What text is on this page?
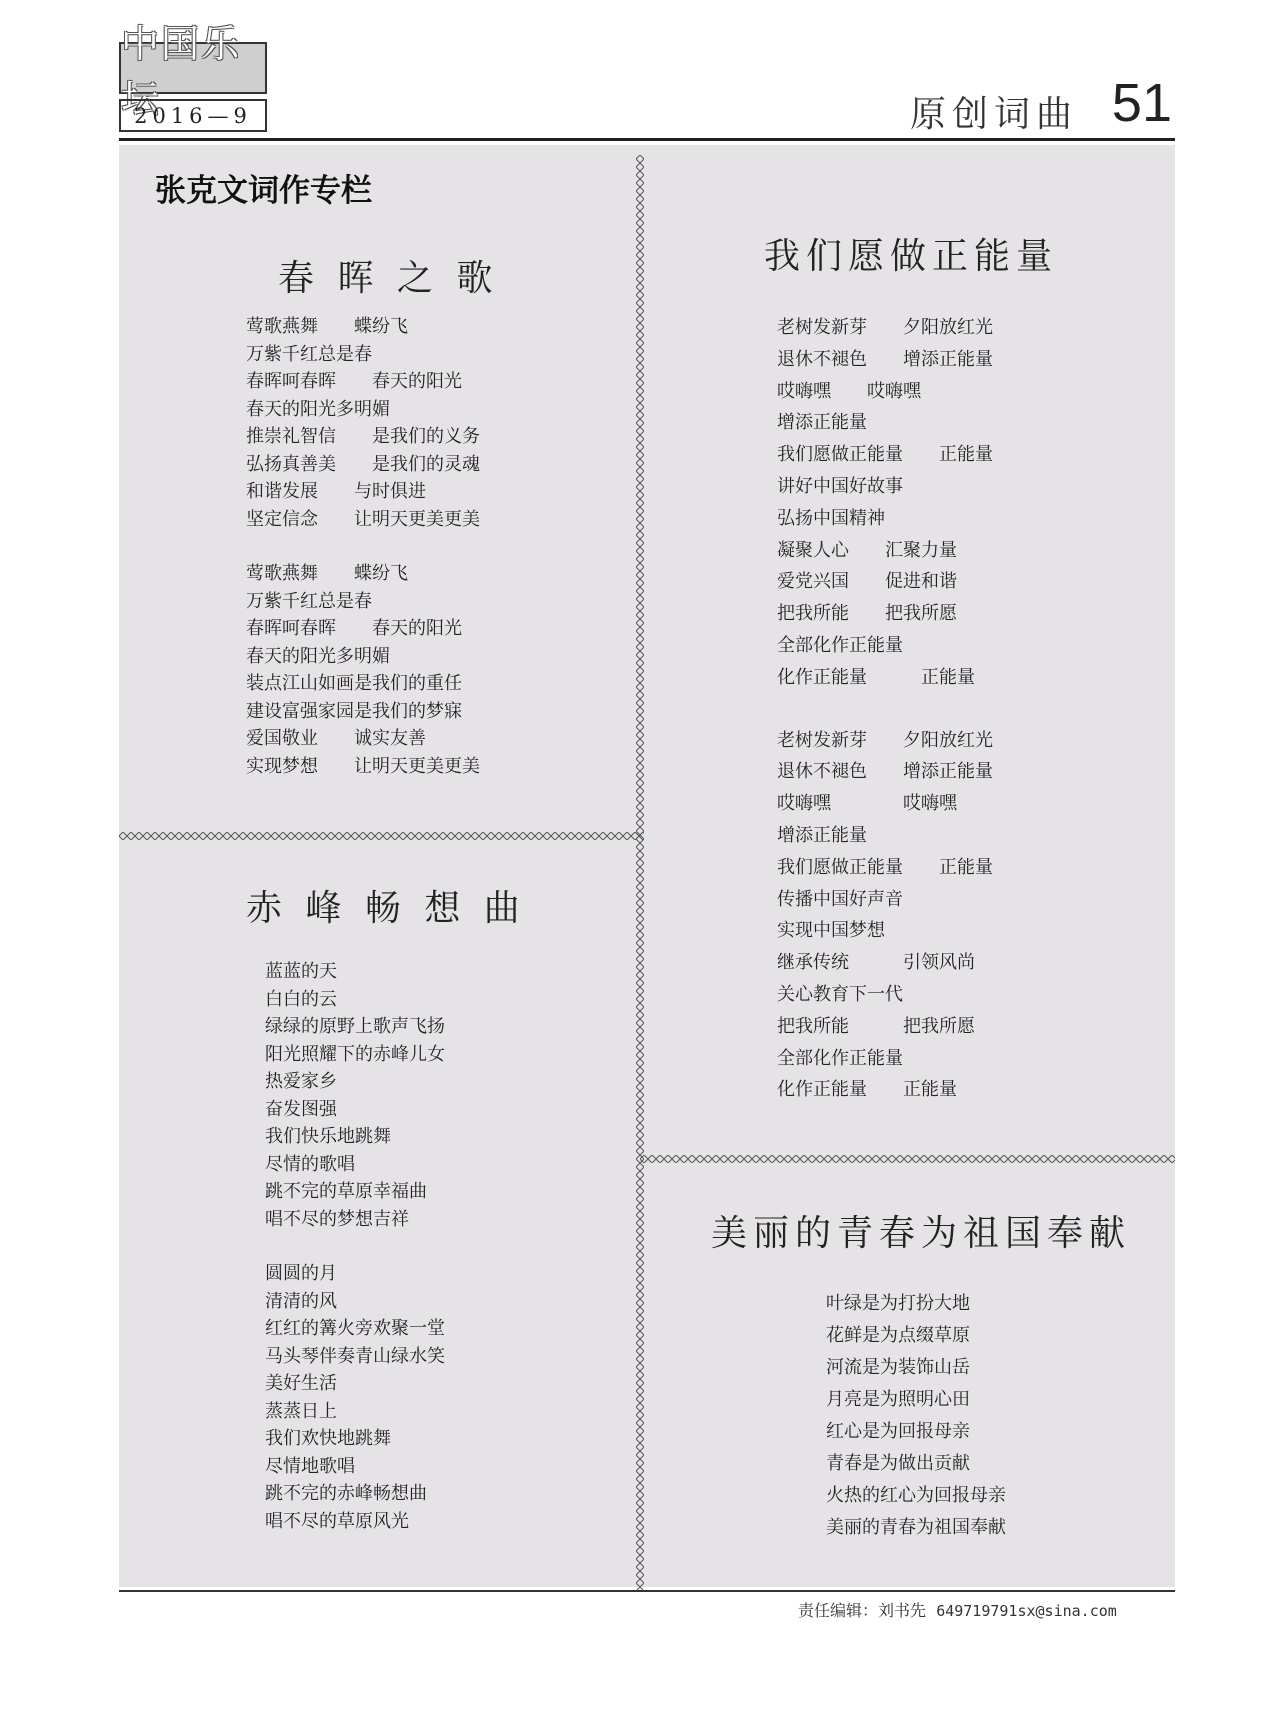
中国乐坛
2016—9	原创词曲 51
张克文词作专栏
春 晖 之 歌
莺歌燕舞　　蝶纷飞
万紫千红总是春
春晖呵春晖　　春天的阳光
春天的阳光多明媚
推崇礼智信　　是我们的义务
弘扬真善美　　是我们的灵魂
和谐发展　　与时俱进
坚定信念　　让明天更美更美
莺歌燕舞　　蝶纷飞
万紫千红总是春
春晖呵春晖　　春天的阳光
春天的阳光多明媚
装点江山如画是我们的重任
建设富强家园是我们的梦寐
爱国敬业　　诚实友善
实现梦想　　让明天更美更美
赤 峰 畅 想 曲
蓝蓝的天
白白的云
绿绿的原野上歌声飞扬
阳光照耀下的赤峰儿女
热爱家乡
奋发图强
我们快乐地跳舞
尽情的歌唱
跳不完的草原幸福曲
唱不尽的梦想吉祥
圆圆的月
清清的风
红红的篝火旁欢聚一堂
马头琴伴奏青山绿水笑
美好生活
蒸蒸日上
我们欢快地跳舞
尽情地歌唱
跳不完的赤峰畅想曲
唱不尽的草原风光
我们愿做正能量
老树发新芽　　夕阳放红光
退休不褪色　　增添正能量
哎嗨嘿　　哎嗨嘿
增添正能量
我们愿做正能量　　正能量
讲好中国好故事
弘扬中国精神
凝聚人心　　汇聚力量
爱党兴国　　促进和谐
把我所能　　把我所愿
全部化作正能量
化作正能量　　　正能量
老树发新芽　　夕阳放红光
退休不褪色　　增添正能量
哎嗨嘿　　　　哎嗨嘿
增添正能量
我们愿做正能量　　正能量
传播中国好声音
实现中国梦想
继承传统　　　引领风尚
关心教育下一代
把我所能　　　把我所愿
全部化作正能量
化作正能量　　正能量
美丽的青春为祖国奉献
叶绿是为打扮大地
花鲜是为点缀草原
河流是为装饰山岳
月亮是为照明心田
红心是为回报母亲
青春是为做出贡献
火热的红心为回报母亲
美丽的青春为祖国奉献
责任编辑：刘书先 649719791sx@sina.com
